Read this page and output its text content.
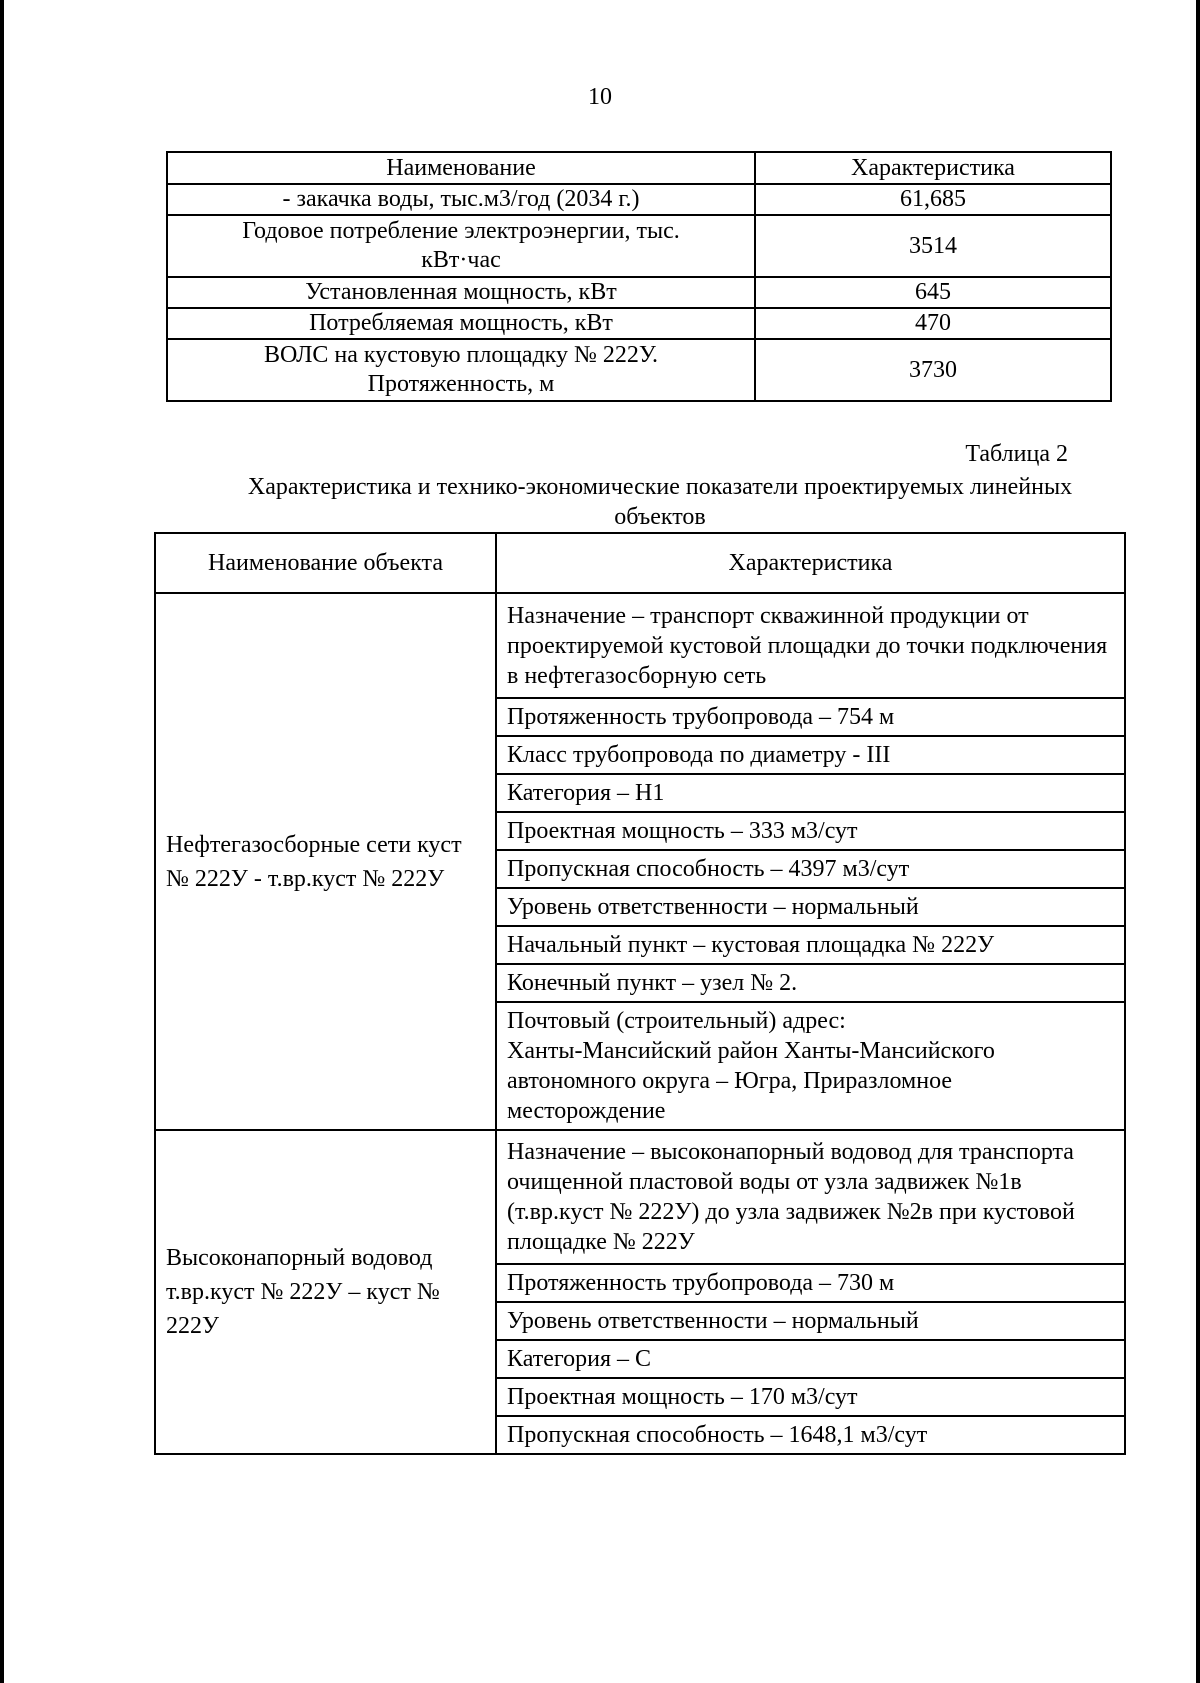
10
Наименование	Характеристика
- закачка воды, тыс.м3/год (2034 г.)	61,685
Годовое потребление электроэнергии, тыс.
кВт·час	3514
Установленная мощность, кВт	645
Потребляемая мощность, кВт	470
ВОЛС на кустовую площадку № 222У.
Протяженность, м	3730
Таблица 2
Характеристика и технико-экономические показатели проектируемых линейных объектов
Наименование объекта	Характеристика
Нефтегазосборные сети куст № 222У - т.вр.куст № 222У	Назначение – транспорт скважинной продукции от проектируемой кустовой площадки до точки подключения в нефтегазосборную сеть
	Протяженность трубопровода – 754 м
	Класс трубопровода по диаметру - III
	Категория – Н1
	Проектная мощность – 333 м3/сут
	Пропускная способность – 4397 м3/сут
	Уровень ответственности – нормальный
	Начальный пункт – кустовая площадка № 222У
	Конечный пункт – узел № 2.
	Почтовый (строительный) адрес:
Ханты-Мансийский район Ханты-Мансийского автономного округа – Югра, Приразломное месторождение
Высоконапорный водовод т.вр.куст № 222У – куст № 222У	Назначение – высоконапорный водовод для транспорта очищенной пластовой воды от узла задвижек №1в (т.вр.куст № 222У) до узла задвижек №2в при кустовой площадке № 222У
	Протяженность трубопровода – 730 м
	Уровень ответственности – нормальный
	Категория – С
	Проектная мощность – 170 м3/сут
	Пропускная способность – 1648,1 м3/сут
